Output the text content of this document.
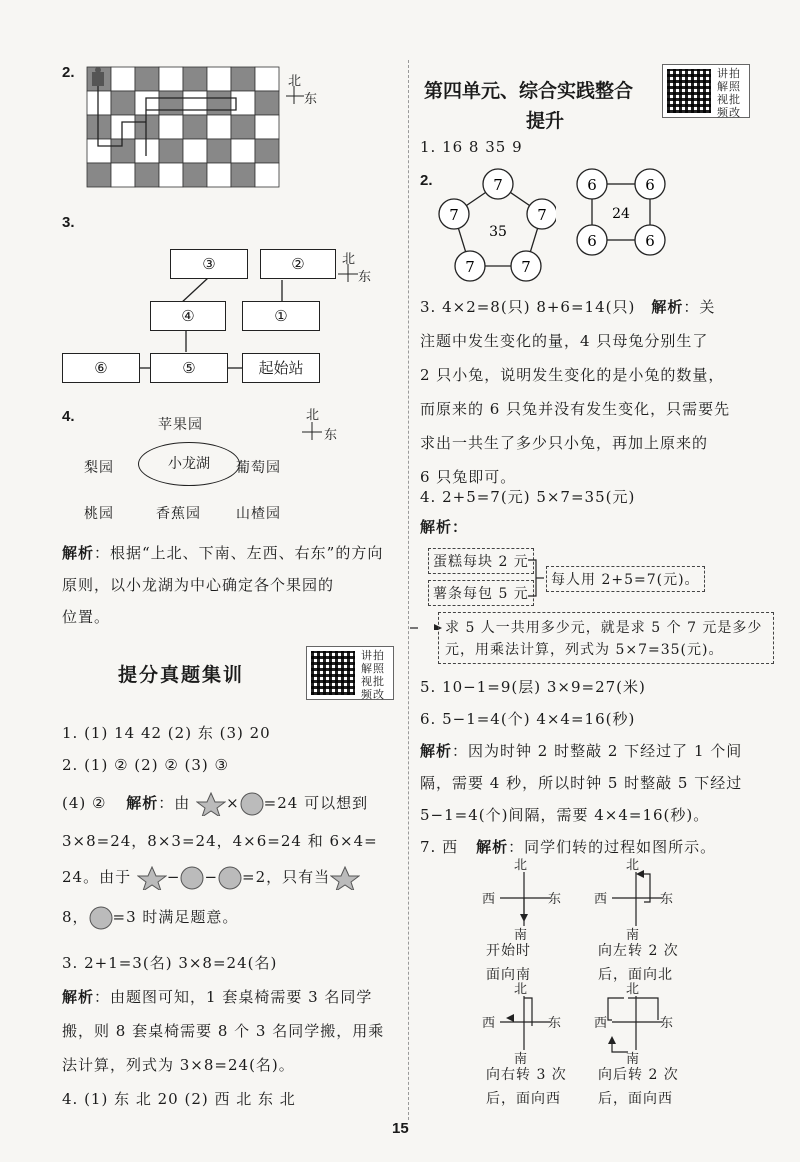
2.
北
东
3.
③	②
④	①
⑥	⑤	起始站
北
东
4.	苹果园
梨园	小龙湖	葡萄园
桃园	香蕉园	山楂园
北
东
解析：根据“上北、下南、左西、右东”的方向
原则，以小龙湖为中心确定各个果园的
位置。
提分真题集训
讲拍解照视批频改
1. (1) 14 42 (2) 东 (3) 20
2. (1) ② (2) ② (3) ③
(4) ② 解析：由 × =24 可以想到
3×8=24，8×3=24，4×6=24 和 6×4=
24。由于 − − =2，只有当
8， =3 时满足题意。
3. 2+1=3(名) 3×8=24(名)
解析：由题图可知，1 套桌椅需要 3 名同学
搬，则 8 套桌椅需要 8 个 3 名同学搬，用乘
法计算，列式为 3×8=24(名)。
4. (1) 东 北 20 (2) 西 北 东 北
第四单元、综合实践整合
提升
讲拍解照视批频改
1. 16 8 35 9
2.	7
7
7
7
7
35
6	6
6	6
24
3. 4×2=8(只) 8+6=14(只) 解析：关
注题中发生变化的量，4 只母兔分别生了
2 只小兔，说明发生变化的是小兔的数量，
而原来的 6 只兔并没有发生变化，只需要先
求出一共生了多少只小兔，再加上原来的
6 只兔即可。
4. 2+5=7(元) 5×7=35(元)
解析：
蛋糕每块 2 元
薯条每包 5 元
每人用 2+5=7(元)。
求 5 人一共用多少元，就是求 5 个 7 元是多少
元，用乘法计算，列式为 5×7=35(元)。
5. 10−1=9(层) 3×9=27(米)
6. 5−1=4(个) 4×4=16(秒)
解析：因为时钟 2 时整敲 2 下经过了 1 个间
隔，需要 4 秒，所以时钟 5 时整敲 5 下经过
5−1=4(个)间隔，需要 4×4=16(秒)。
7. 西 解析：同学们转的过程如图所示。
北
南
西	东
开始时
面向南
北
南
西	东
向左转 2 次
后，面向北
北
南
西	东
向右转 3 次
后，面向西
北
南
西	东
向后转 2 次
后，面向西
15
